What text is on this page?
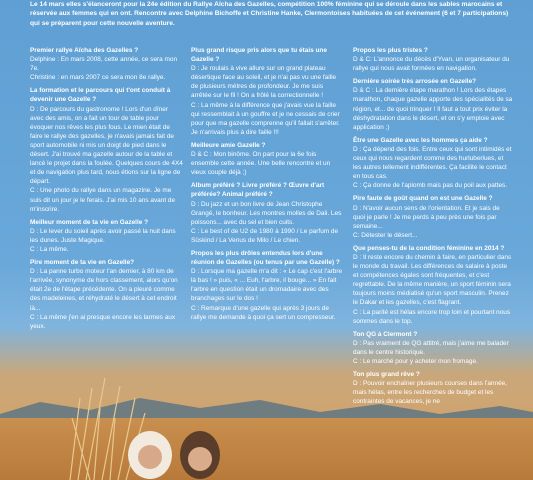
Le 14 mars elles s'élanceront pour la 24e édition du Rallye Aïcha des Gazelles, compétition 100% féminine qui se déroule dans les sables marocains et réservée aux femmes qui en ont. Rencontre avec Delphine Bichoffe et Christine Hanke, Clermontoises habituées de cet événement (6 et 7 participations) qui se préparent pour cette nouvelle aventure.

Premier rallye Aïcha des Gazelles ?

Delphine : En mars 2008, cette année, ce sera mon 7e.

Christine : en mars 2007 ce sera mon 8e rallye.

La formation et le parcours qui t'ont conduit à devenir une Gazelle ?

D : De parcours du gastronome ! Lors d'un dîner avec des amis, on a fait un tour de table pour évoquer nos rêves les plus fous. Le mien était de faire le rallye des gazelles, je n'avais jamais fait de sport automobile ni mis un doigt de pied dans le désert. J'ai trouvé ma gazelle autour de la table et lancé le projet dans la foulée. Quelques cours de 4X4 et de navigation plus tard, nous étions sur la ligne de départ.

C : Une photo du rallye dans un magazine. Je me suis dit un jour je le ferais. J'ai mis 10 ans avant de m'inscrire.

Meilleur moment de ta vie en Gazelle ?

D : Le lever du soleil après avoir passé la nuit dans les dunes. Juste Magique.

C : La même.

Pire moment de ta vie en Gazelle?

D : La panne turbo moteur l'an dernier, à 80 km de l'arrivée, synonyme de hors classement, alors qu'on était 2e de l'étape précédente. On a pleuré comme des madeleines, et réhydraté le désert à cet endroit là...

C : La même j'en ai presque encore les larmes aux yeux.

Plus grand risque pris alors que tu étais une Gazelle ?

D : Je roulais à vive allure sur un grand plateau désertique face au soleil, et je n'ai pas vu une faille de plusieurs mètres de profondeur. Je me suis arrêtée sur le fil ! On a frôlé la correctionnelle !

C : La même à la différence que j'avais vue la faille qui ressemblait à un gouffre et je ne cessais de crier pour que ma gazelle comprenne qu'il fallait s'arrêter. Je n'arrivais plus à dire faille !!!

Meilleure amie Gazelle ?

D & C : Mon binôme. On part pour la 6e fois ensemble cette année. Une belle rencontre et un vieux couple déjà ;)

Album préféré ? Livre préféré ? Œuvre d'art préférée? Animal préféré ?

D : Du jazz et un bon livre de Jean Christophe Grangé, le bonheur. Les montres molles de Dali. Les poissons... avec du sel et bien cuits.

C : Le best of de U2 de 1980 à 1990 / Le parfum de Süskind / La Venus de Milo / Le chien.

Propos les plus drôles entendus lors d'une réunion de Gazelles (ou tenus par une Gazelle) ?

D : Lorsque ma gazelle m'a dit : « Le cap c'est l'arbre là bas ! » puis, « ... Euh, l'arbre, il bouge... » En fait l'arbre en question était un dromadaire avec des branchages sur le dos !

C : Remarque d'une gazelle qui après 3 jours de rallye me demande à quoi ça sert un compresseur.

Propos les plus tristes ?

D & C: L'annonce du décès d'Yvan, un organisateur du rallye qui nous avait formées en navigation.

Dernière soirée très arrosée en Gazelle?

D & C : La dernière étape marathon ! Lors des étapes marathon, chaque gazelle apporte des spécialités de sa région, et... de quoi trinquer ! Il faut a tout prix éviter la déshydratation dans le désert, et on s'y emploie avec application ;)

Être une Gazelle avec les hommes ça aide ?

D : Ça dépend des fois. Entre ceux qui sont intimidés et ceux qui nous regardent comme des hurluberlues, et les autres tellement indifférentes. Ça facilite le contact en tous cas.

C : Ça donne de l'aplomb mais pas du poil aux pattes.

Pire faute de goût quand on est une Gazelle ?

D : N'avoir aucun sens de l'orientation. Et je sais de quoi je parle ! Je me perds à peu près une fois par semaine...

C: Détester le désert...

Que penses-tu de la condition féminine en 2014 ?

D : Il reste encore du chemin à faire, en particulier dans le monde du travail. Les différences de salaire à poste et compétences égales sont fréquentes, et c'est regrettable. De la même manière, un sport féminin sera toujours moins médiatisé qu'un sport masculin. Prenez le Dakar et les gazelles, c'est flagrant.

C : La parité est hélas encore trop loin et pourtant nous sommes dans le top.

Ton QG à Clermont ?

D : Pas vraiment de QG attitré, mais j'aime me balader dans le centre historique.

C : Le marché pour y acheter mon fromage.

Ton plus grand rêve ?

D : Pouvoir enchaîner plusieurs courses dans l'année, mais hélas, entre les recherches de budget et les contraintes de vacances, je ne
